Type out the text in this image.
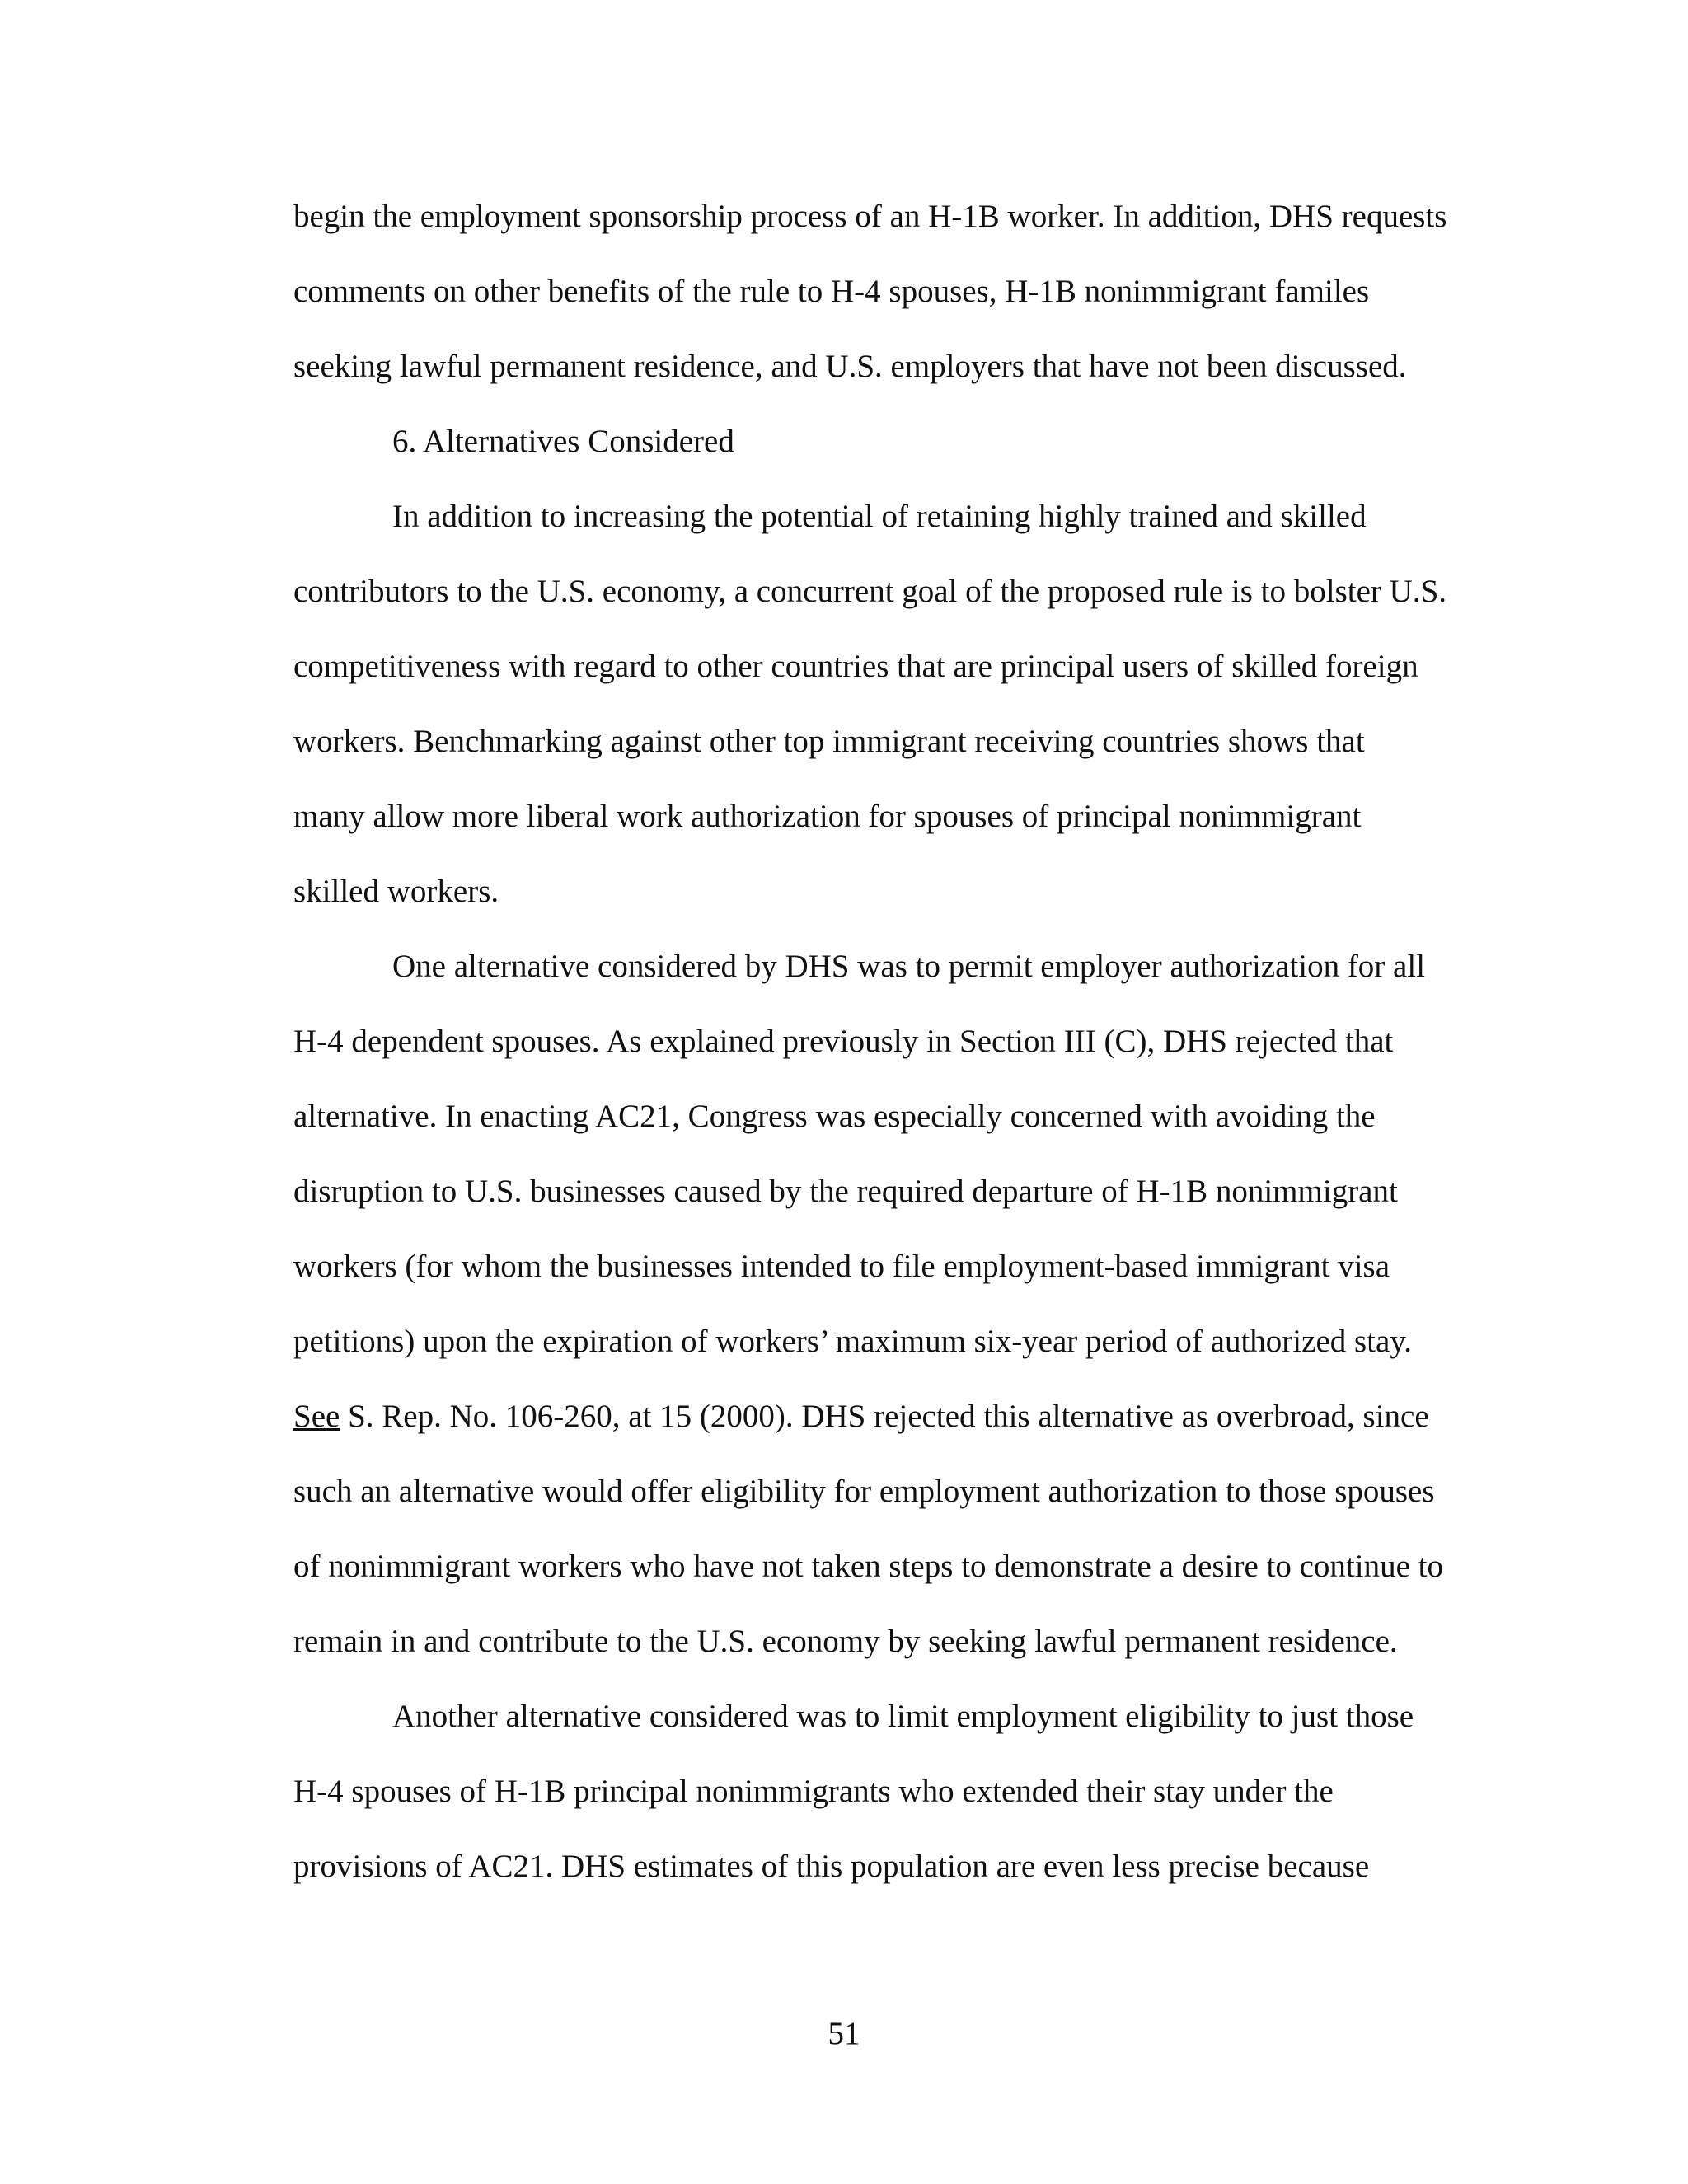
begin the employment sponsorship process of an H-1B worker. In addition, DHS requests

comments on other benefits of the rule to H-4 spouses, H-1B nonimmigrant familes

seeking lawful permanent residence, and U.S. employers that have not been discussed.

6. Alternatives Considered

In addition to increasing the potential of retaining highly trained and skilled

contributors to the U.S. economy, a concurrent goal of the proposed rule is to bolster U.S.

competitiveness with regard to other countries that are principal users of skilled foreign

workers. Benchmarking against other top immigrant receiving countries shows that

many allow more liberal work authorization for spouses of principal nonimmigrant

skilled workers.

One alternative considered by DHS was to permit employer authorization for all

H-4 dependent spouses. As explained previously in Section III (C), DHS rejected that

alternative. In enacting AC21, Congress was especially concerned with avoiding the

disruption to U.S. businesses caused by the required departure of H-1B nonimmigrant

workers (for whom the businesses intended to file employment-based immigrant visa

petitions) upon the expiration of workers’ maximum six-year period of authorized stay.

See S. Rep. No. 106-260, at 15 (2000). DHS rejected this alternative as overbroad, since

such an alternative would offer eligibility for employment authorization to those spouses

of nonimmigrant workers who have not taken steps to demonstrate a desire to continue to

remain in and contribute to the U.S. economy by seeking lawful permanent residence.

Another alternative considered was to limit employment eligibility to just those

H-4 spouses of H-1B principal nonimmigrants who extended their stay under the

provisions of AC21. DHS estimates of this population are even less precise because

51
